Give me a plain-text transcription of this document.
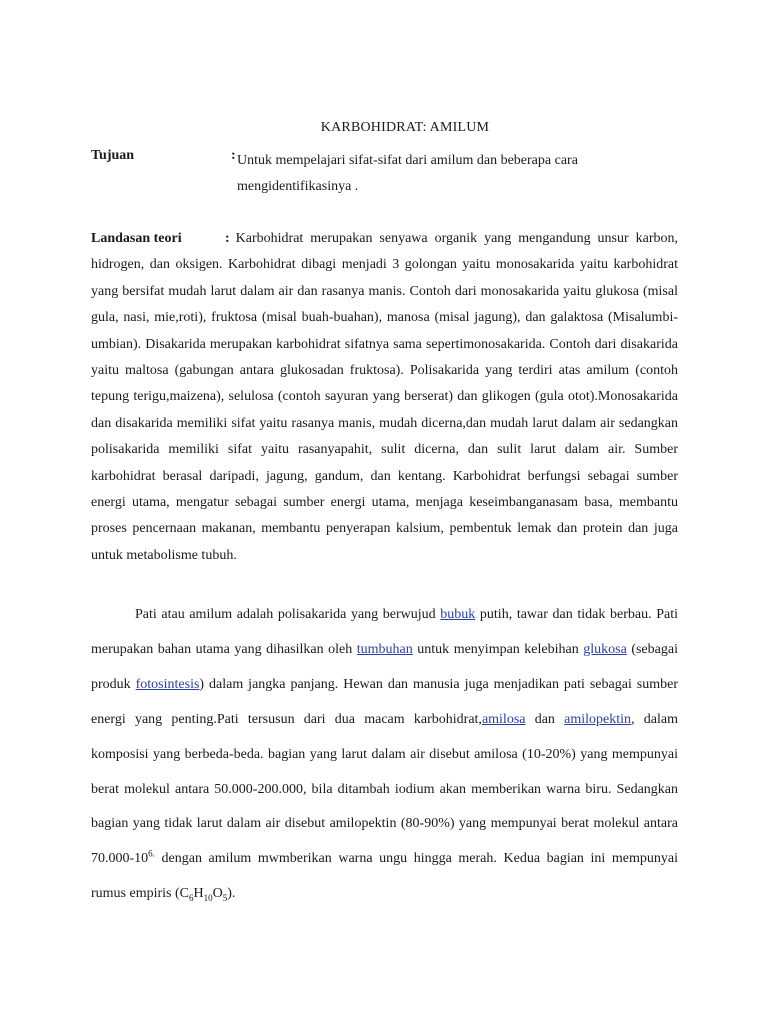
KARBOHIDRAT: AMILUM
Tujuan	: Untuk mempelajari sifat-sifat dari amilum dan beberapa cara
mengidentifikasinya .

Landasan teori	: Karbohidrat merupakan senyawa organik yang mengandung unsur karbon, hidrogen, dan oksigen. Karbohidrat dibagi menjadi 3 golongan yaitu monosakarida yaitu karbohidrat yang bersifat mudah larut dalam air dan rasanya manis. Contoh dari monosakarida yaitu glukosa (misal gula, nasi, mie,roti), fruktosa (misal buah-buahan), manosa (misal jagung), dan galaktosa (Misalumbi-umbian). Disakarida merupakan karbohidrat sifatnya sama sepertimonosakarida. Contoh dari disakarida yaitu maltosa (gabungan antara glukosadan fruktosa). Polisakarida yang terdiri atas amilum (contoh tepung terigu,maizena), selulosa (contoh sayuran yang berserat) dan glikogen (gula otot).Monosakarida dan disakarida memiliki sifat yaitu rasanya manis, mudah dicerna,dan mudah larut dalam air sedangkan polisakarida memiliki sifat yaitu rasanyapahit, sulit dicerna, dan sulit larut dalam air. Sumber karbohidrat berasal daripadi, jagung, gandum, dan kentang. Karbohidrat berfungsi sebagai sumber energi utama, mengatur sebagai sumber energi utama, menjaga keseimbanganasam basa, membantu proses pencernaan makanan, membantu penyerapan kalsium, pembentuk lemak dan protein dan juga untuk metabolisme tubuh.

Pati atau amilum adalah polisakarida yang berwujud bubuk putih, tawar dan tidak berbau. Pati merupakan bahan utama yang dihasilkan oleh tumbuhan untuk menyimpan kelebihan glukosa (sebagai produk fotosintesis) dalam jangka panjang. Hewan dan manusia juga menjadikan pati sebagai sumber energi yang penting.Pati tersusun dari dua macam karbohidrat,amilosa dan amilopektin, dalam komposisi yang berbeda-beda. bagian yang larut dalam air disebut amilosa (10-20%) yang mempunyai berat molekul antara 50.000-200.000, bila ditambah iodium akan memberikan warna biru. Sedangkan bagian yang tidak larut dalam air disebut amilopektin (80-90%) yang mempunyai berat molekul antara $70.000-10^{6.}$ dengan amilum mwmberikan warna ungu hingga merah. Kedua bagian ini mempunyai rumus empiris $(C_6H_{10}O_5)$.
